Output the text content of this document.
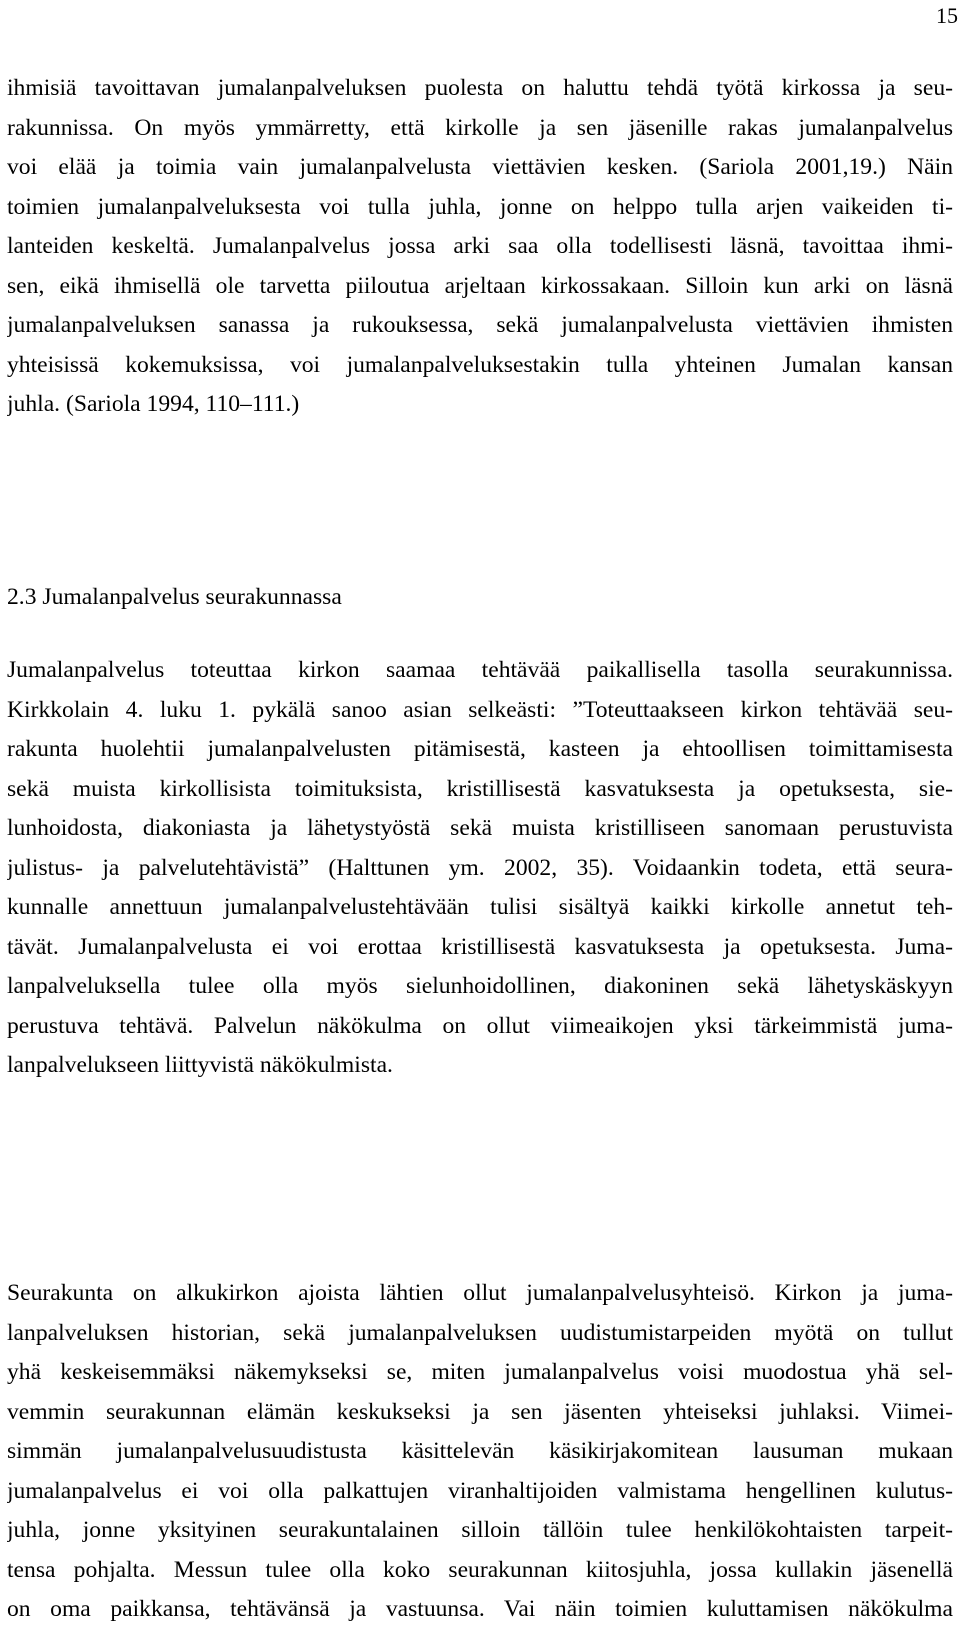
15
ihmisiä tavoittavan jumalanpalveluksen puolesta on haluttu tehdä työtä kirkossa ja seu-
rakunnissa. On myös ymmärretty, että kirkolle ja sen jäsenille rakas jumalanpalvelus
voi elää ja toimia vain jumalanpalvelusta viettävien kesken. (Sariola 2001,19.) Näin
toimien jumalanpalveluksesta voi tulla juhla, jonne on helppo tulla arjen vaikeiden ti-
lanteiden keskeltä. Jumalanpalvelus jossa arki saa olla todellisesti läsnä, tavoittaa ihmi-
sen, eikä ihmisellä ole tarvetta piiloutua arjeltaan kirkossakaan. Silloin kun arki on läsnä
jumalanpalveluksen sanassa ja rukouksessa, sekä jumalanpalvelusta viettävien ihmisten
yhteisissä kokemuksissa, voi jumalanpalveluksestakin tulla yhteinen Jumalan kansan
juhla. (Sariola 1994, 110–111.)
2.3 Jumalanpalvelus seurakunnassa
Jumalanpalvelus toteuttaa kirkon saamaa tehtävää paikallisella tasolla seurakunnissa.
Kirkkolain 4. luku 1. pykälä sanoo asian selkeästi: ”Toteuttaakseen kirkon tehtävää seu-
rakunta huolehtii jumalanpalvelusten pitämisestä, kasteen ja ehtoollisen toimittamisesta
sekä muista kirkollisista toimituksista, kristillisestä kasvatuksesta ja opetuksesta, sie-
lunhoidosta, diakoniasta ja lähetystyöstä sekä muista kristilliseen sanomaan perustuvista
julistus- ja palvelutehtävistä” (Halttunen ym. 2002, 35). Voidaankin todeta, että seura-
kunnalle annettuun jumalanpalvelustehtävään tulisi sisältyä kaikki kirkolle annetut teh-
tävät. Jumalanpalvelusta ei voi erottaa kristillisestä kasvatuksesta ja opetuksesta. Juma-
lanpalveluksella tulee olla myös sielunhoidollinen, diakoninen sekä lähetyskäskyyn
perustuva tehtävä. Palvelun näkökulma on ollut viimeaikojen yksi tärkeimmistä juma-
lanpalvelukseen liittyvistä näkökulmista.
Seurakunta on alkukirkon ajoista lähtien ollut jumalanpalvelusyhteisö. Kirkon ja juma-
lanpalveluksen historian, sekä jumalanpalveluksen uudistumistarpeiden myötä on tullut
yhä keskeisemmäksi näkemykseksi se, miten jumalanpalvelus voisi muodostua yhä sel-
vemmin seurakunnan elämän keskukseksi ja sen jäsenten yhteiseksi juhlaksi. Viimei-
simmän jumalanpalvelusuudistusta käsittelevän käsikirjakomitean lausuman mukaan
jumalanpalvelus ei voi olla palkattujen viranhaltijoiden valmistama hengellinen kulutus-
juhla, jonne yksityinen seurakuntalainen silloin tällöin tulee henkilökohtaisten tarpeit-
tensa pohjalta. Messun tulee olla koko seurakunnan kiitosjuhla, jossa kullakin jäsenellä
on oma paikkansa, tehtävänsä ja vastuunsa. Vai näin toimien kuluttamisen näkökulma
